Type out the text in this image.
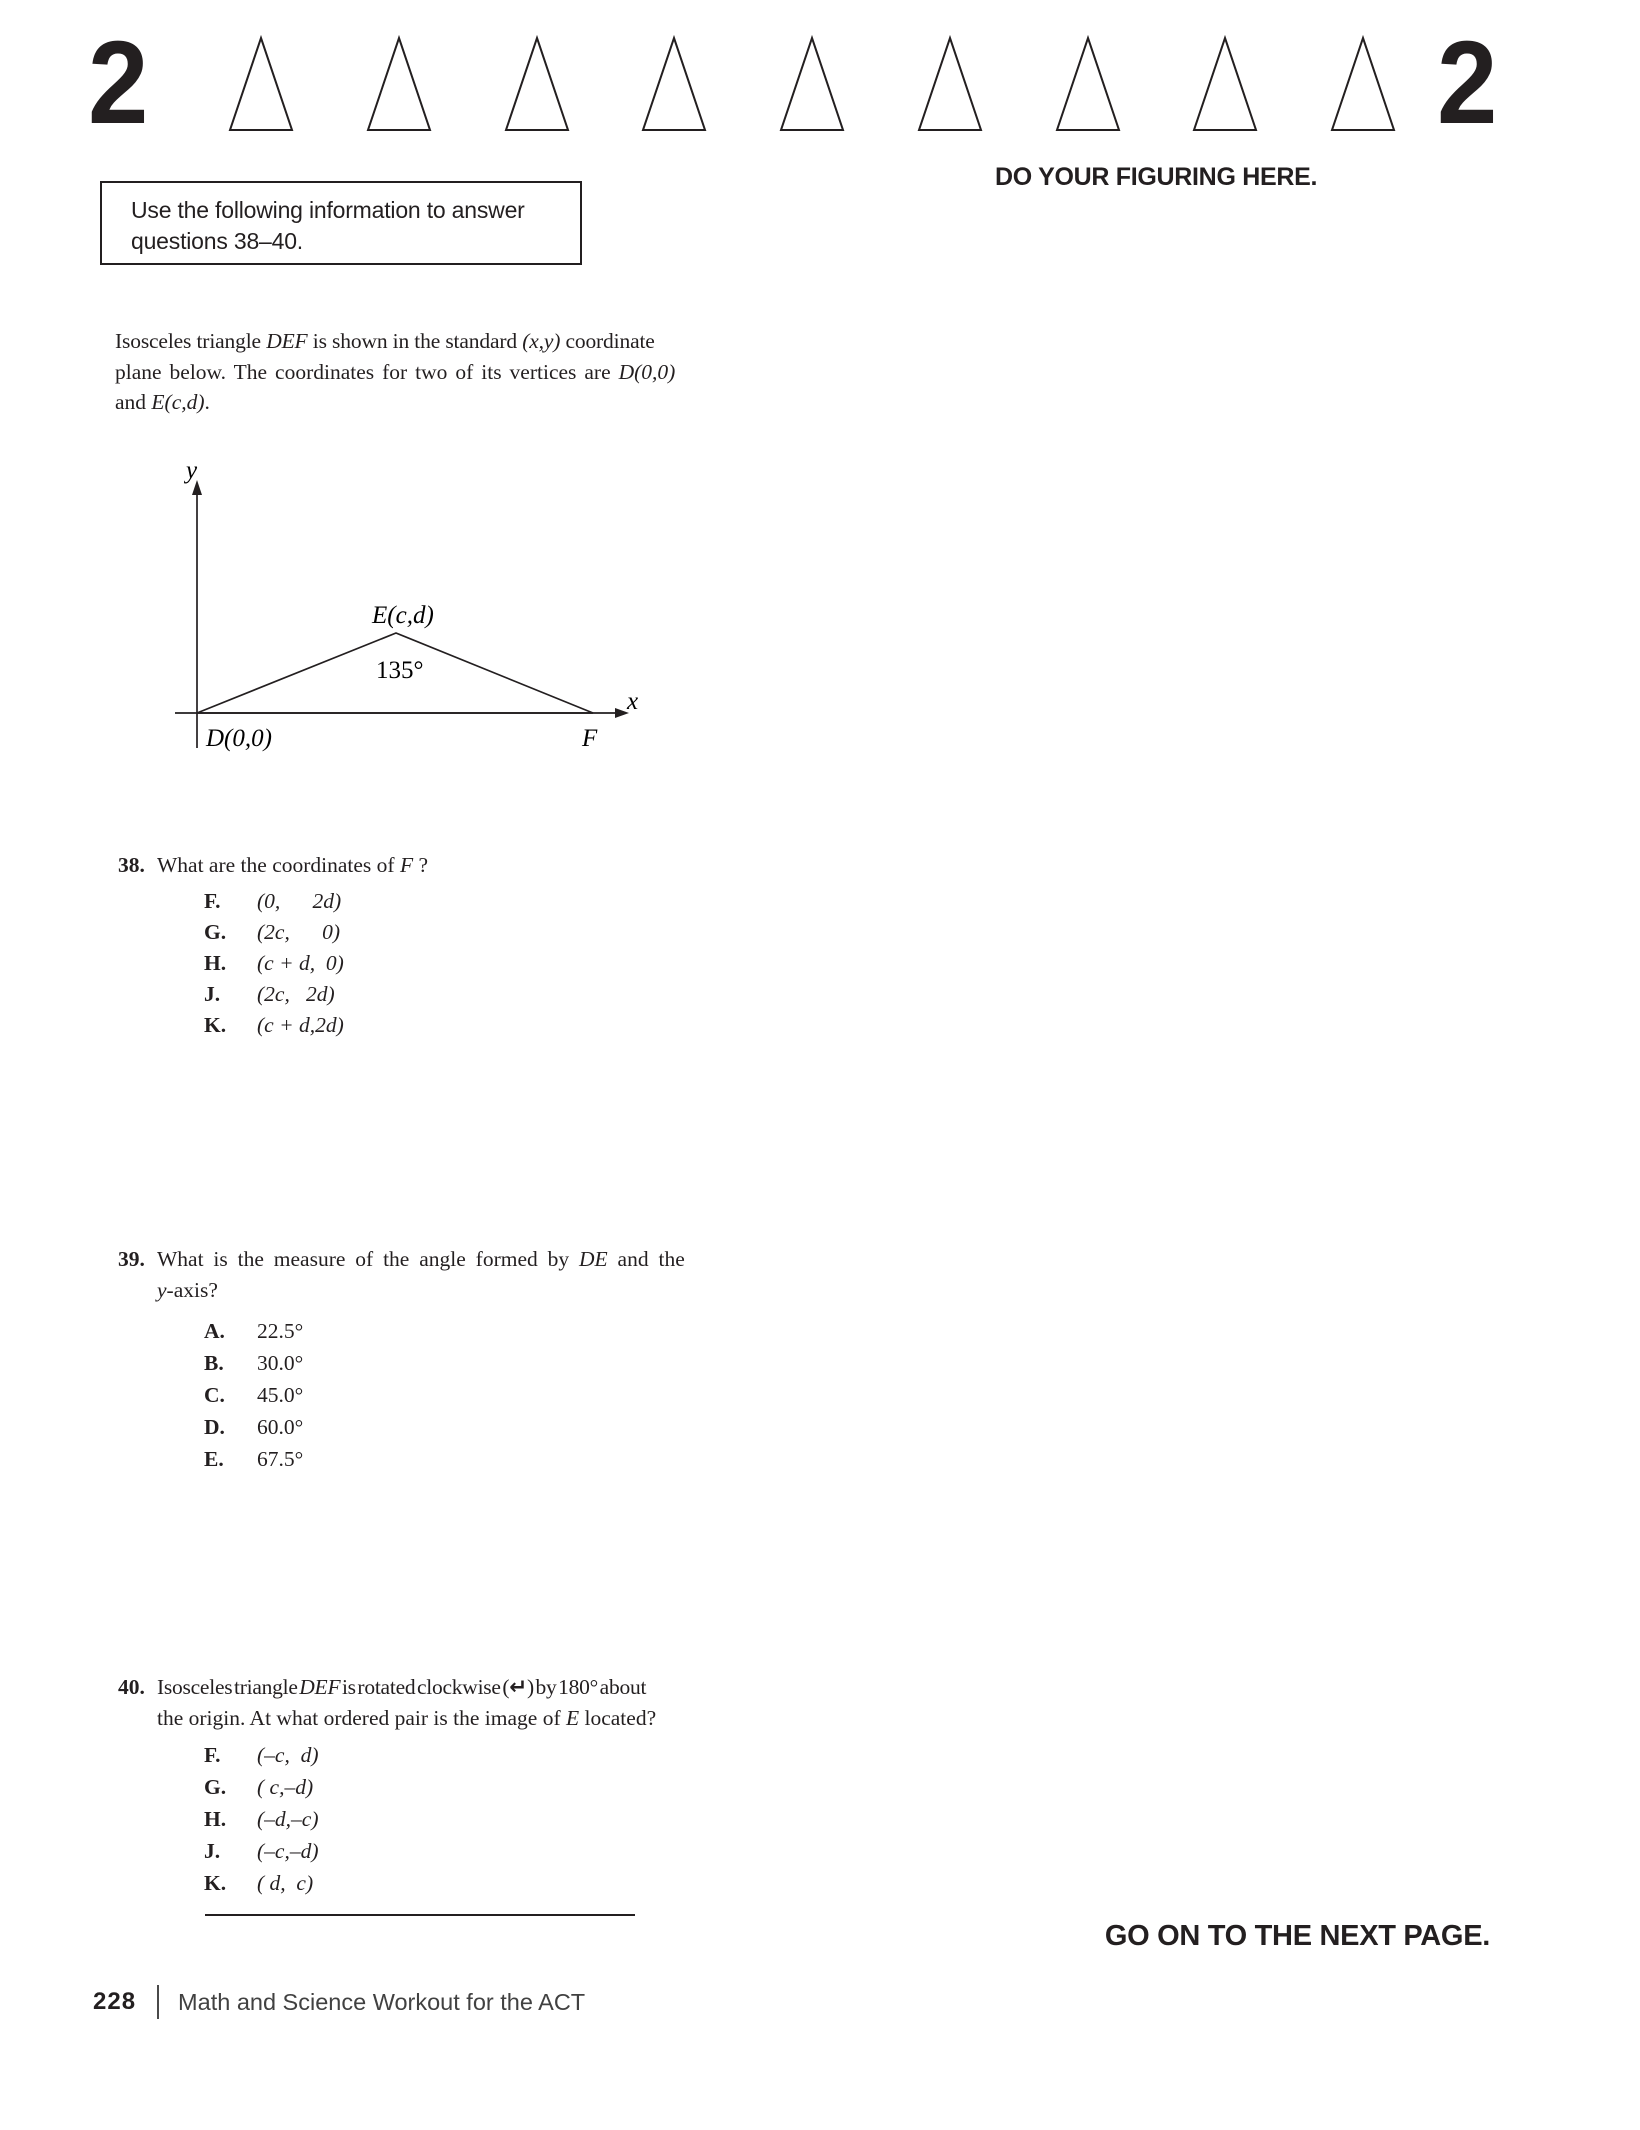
2	2
DO YOUR FIGURING HERE.
Use the following information to answer
questions 38–40.
Isosceles triangle DEF is shown in the standard (x,y) coordinate
plane below. The coordinates for two of its vertices are D(0,0)
and E(c,d).
y
x
E(c,d)
135°
D(0,0)	F
38. What are the coordinates of F ?
F. (0,      2d)
G. (2c,      0)
H. (c + d,  0)
J. (2c,   2d)
K. (c + d,2d)
39. What is the measure of the angle formed by DE and the
y-axis?
A. 22.5°
B. 30.0°
C. 45.0°
D. 60.0°
E. 67.5°
40. Isosceles triangle DEF is rotated clockwise (↵) by 180° about
the origin. At what ordered pair is the image of E located?
F. (–c,  d)
G. ( c,–d)
H. (–d,–c)
J. (–c,–d)
K. ( d,  c)
GO ON TO THE NEXT PAGE.
228 Math and Science Workout for the ACT
